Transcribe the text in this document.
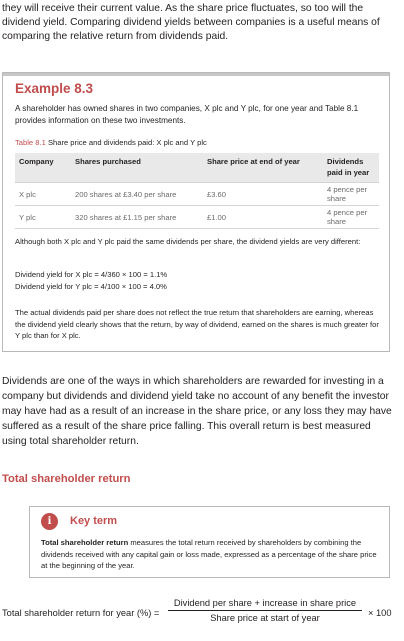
they will receive their current value. As the share price fluctuates, so too will the dividend yield. Comparing dividend yields between companies is a useful means of comparing the relative return from dividends paid.

Example 8.3

A shareholder has owned shares in two companies, X plc and Y plc, for one year and Table 8.1 provides information on these two investments.

Table 8.1 Share price and dividends paid: X plc and Y plc

Company	Shares purchased	Share price at end of year	Dividends paid in year
X plc	200 shares at £3.40 per share	£3.60	4 pence per share
Y plc	320 shares at £1.15 per share	£1.00	4 pence per share

Although both X plc and Y plc paid the same dividends per share, the dividend yields are very different:

Dividend yield for X plc = 4/360 × 100 = 1.1%
Dividend yield for Y plc = 4/100 × 100 = 4.0%

The actual dividends paid per share does not reflect the true return that shareholders are earning, whereas the dividend yield clearly shows that the return, by way of dividend, earned on the shares is much greater for Y plc than for X plc.

Dividends are one of the ways in which shareholders are rewarded for investing in a company but dividends and dividend yield take no account of any benefit the investor may have had as a result of an increase in the share price, or any loss they may have suffered as a result of the share price falling. This overall return is best measured using total shareholder return.

Total shareholder return
i	Key term

Total shareholder return measures the total return received by shareholders by combining the dividends received with any capital gain or loss made, expressed as a percentage of the share price at the beginning of the year.

Total shareholder return for year (%) =
Dividend per share + increase in share price
Share price at start of year	× 100
